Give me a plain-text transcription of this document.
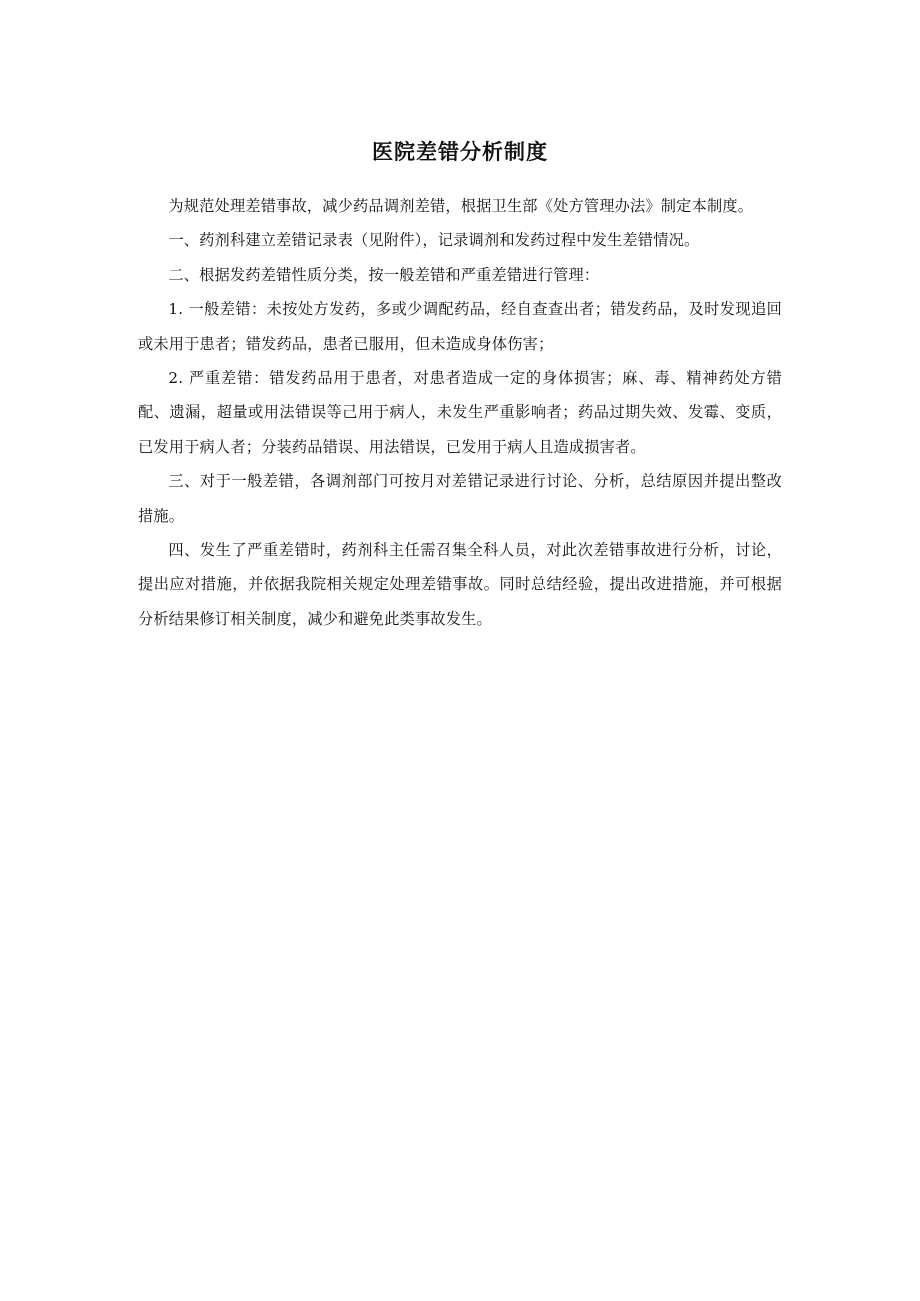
医院差错分析制度

为规范处理差错事故，减少药品调剂差错，根据卫生部《处方管理办法》制定本制度。

一、药剂科建立差错记录表（见附件），记录调剂和发药过程中发生差错情况。

二、根据发药差错性质分类，按一般差错和严重差错进行管理：

1. 一般差错：未按处方发药，多或少调配药品，经自查查出者；错发药品，及时发现追回或未用于患者；错发药品，患者已服用，但未造成身体伤害；

2. 严重差错：错发药品用于患者，对患者造成一定的身体损害；麻、毒、精神药处方错配、遗漏，超量或用法错误等己用于病人，未发生严重影响者；药品过期失效、发霉、变质，已发用于病人者；分装药品错误、用法错误，已发用于病人且造成损害者。

三、对于一般差错，各调剂部门可按月对差错记录进行讨论、分析，总结原因并提出整改措施。

四、发生了严重差错时，药剂科主任需召集全科人员，对此次差错事故进行分析，讨论，提出应对措施，并依据我院相关规定处理差错事故。同时总结经验，提出改进措施，并可根据分析结果修订相关制度，减少和避免此类事故发生。
